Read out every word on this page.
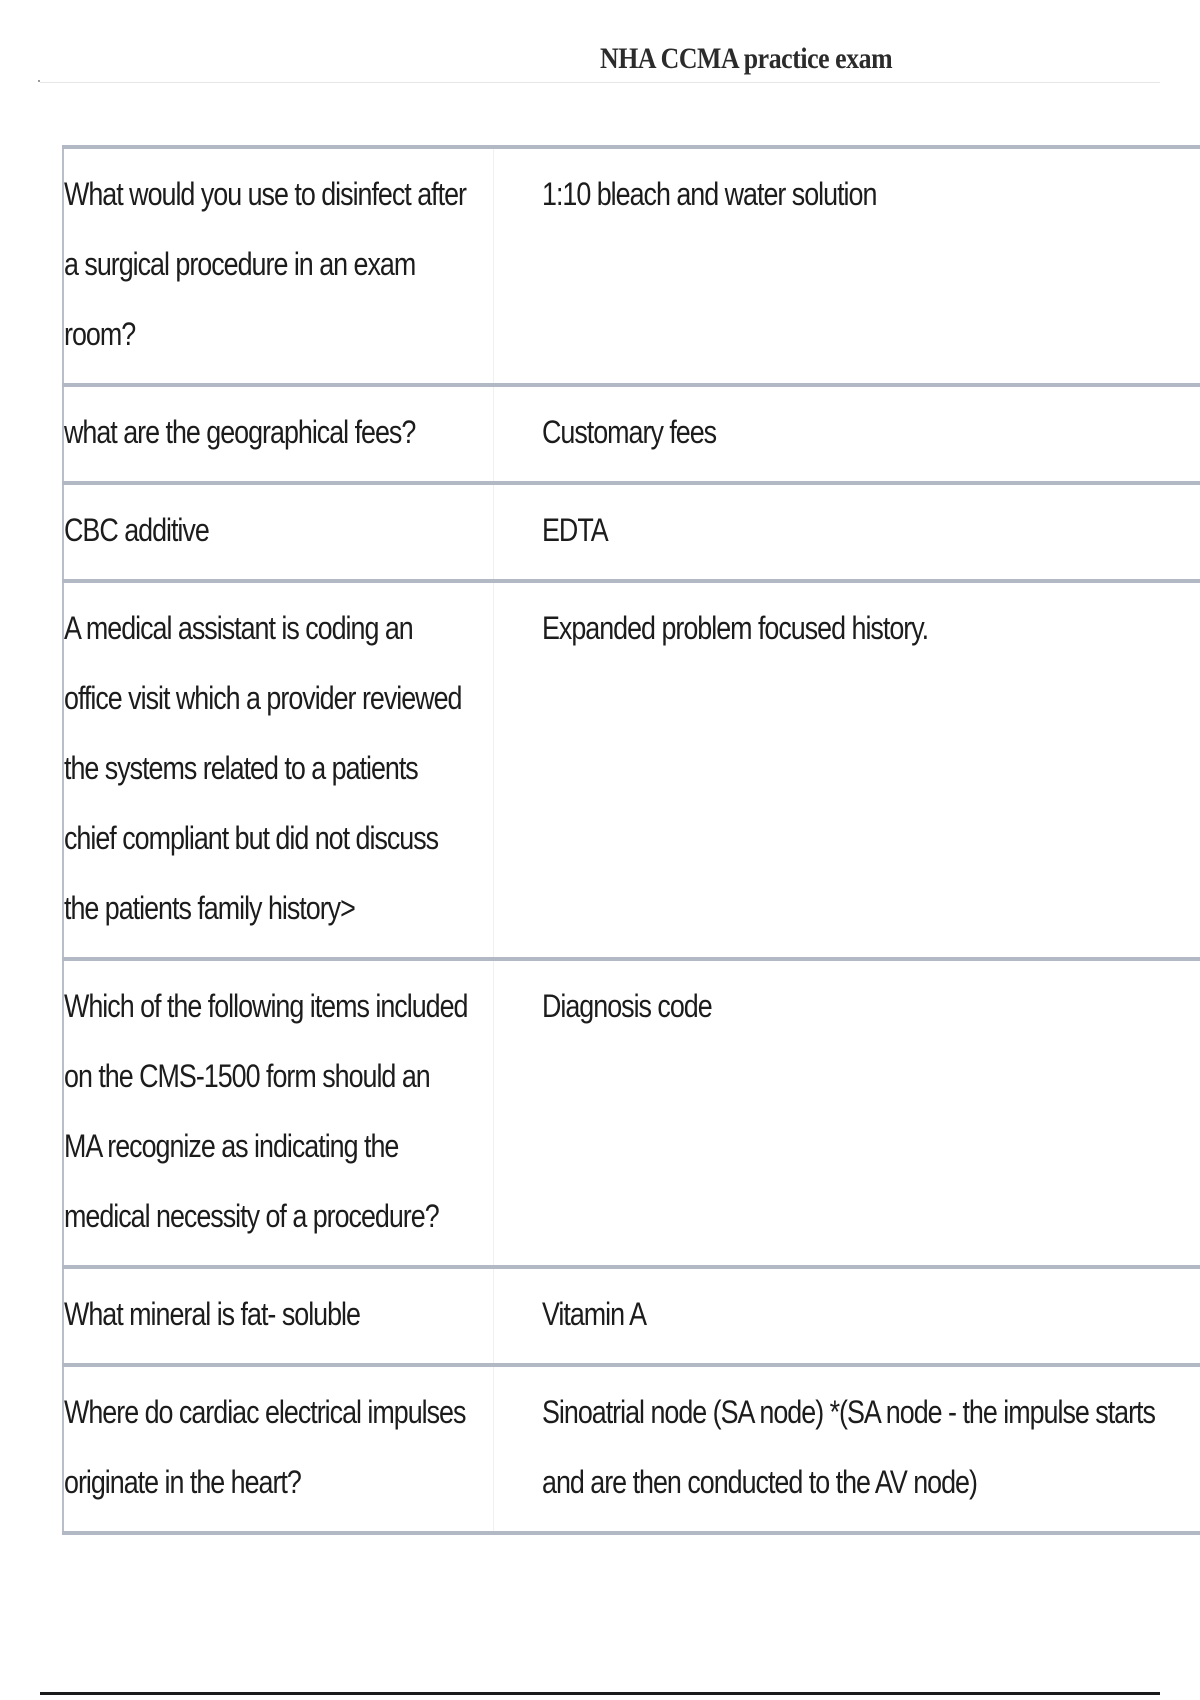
NHA CCMA practice exam
What would you use to disinfect after a surgical procedure in an exam room?	1:10 bleach and water solution

what are the geographical fees?	Customary fees

CBC additive	EDTA

A medical assistant is coding an office visit which a provider reviewed the systems related to a patients chief compliant but did not discuss the patients family history>	Expanded problem focused history.

Which of the following items included on the CMS-1500 form should an MA recognize as indicating the medical necessity of a procedure?	Diagnosis code

What mineral is fat- soluble	Vitamin A

Where do cardiac electrical impulses originate in the heart?	Sinoatrial node (SA node) *(SA node - the impulse starts and are then conducted to the AV node)
